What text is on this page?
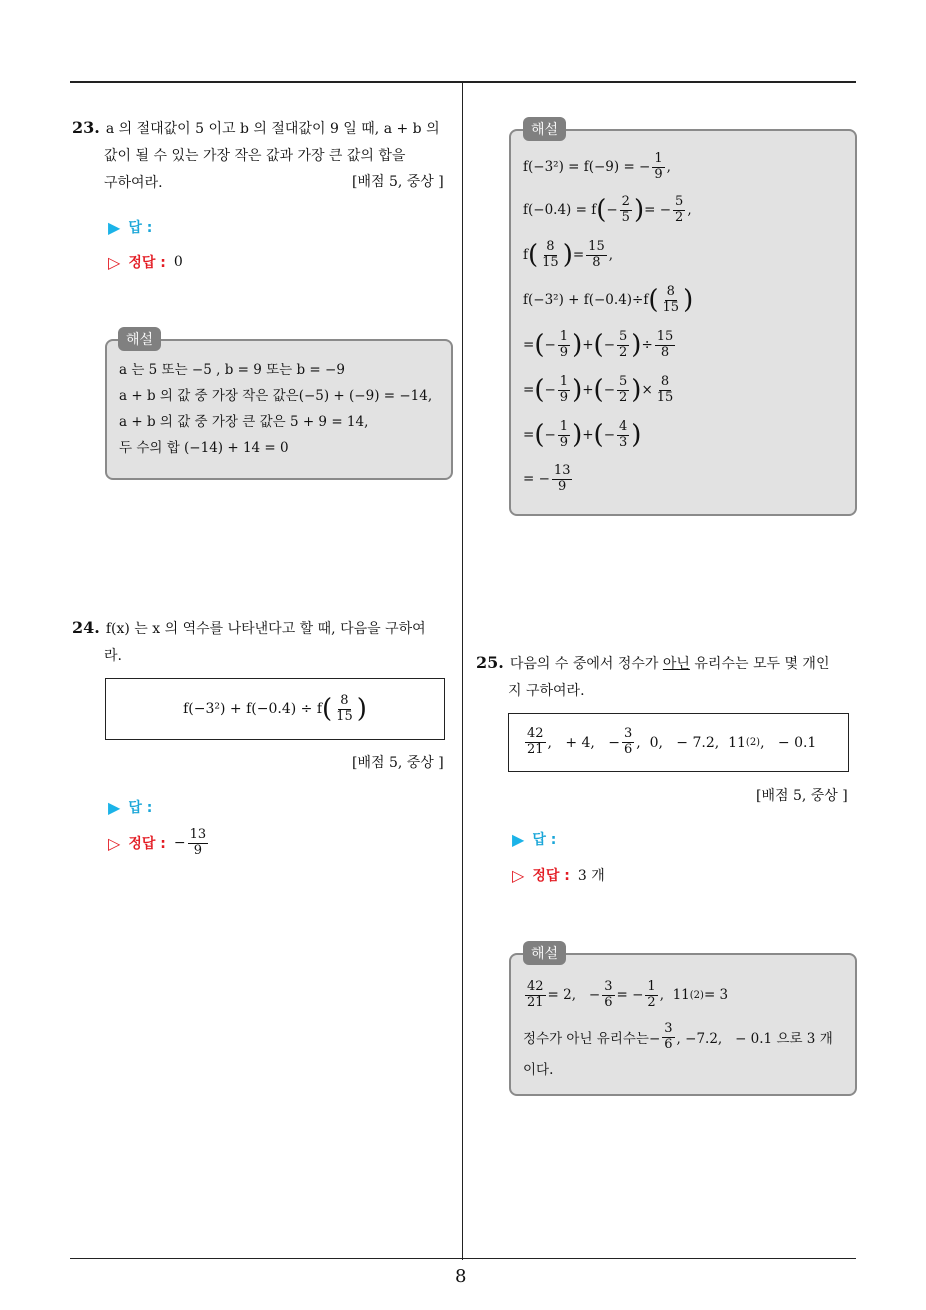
8
23. a 의 절대값이 5 이고 b 의 절대값이 9 일 때, a + b 의
값이 될 수 있는 가장 작은 값과 가장 큰 값의 합을
구하여라.	[배점 5, 중상 ]
▶ 답 :
▷ 정답 : 0
a 는 5 또는 −5 , b = 9 또는 b = −9
a + b 의 값 중 가장 작은 값은(−5) + (−9) = −14,
a + b 의 값 중 가장 큰 값은 5 + 9 = 14,
두 수의 합 (−14) + 14 = 0
해설
24. f(x) 는 x 의 역수를 나타낸다고 할 때, 다음을 구하여
라.
f(−3²) + f(−0.4) ÷ f ( $\frac{8}{15}$ )
[배점 5, 중상 ]
▶ 답 :
▷ 정답 : − $\frac{13}{9}$
f(−3²) = f(−9) = − $\frac{1}{9}$ ,
f(−0.4) = f ( − $\frac{2}{5}$ ) = − $\frac{5}{2}$ ,
f ( $\frac{8}{15}$ ) = $\frac{15}{8}$ ,
f(−3²) + f(−0.4)÷f ( $\frac{8}{15}$ )
= ( − $\frac{1}{9}$ ) + ( − $\frac{5}{2}$ ) ÷ $\frac{15}{8}$
= ( − $\frac{1}{9}$ ) + ( − $\frac{5}{2}$ ) × $\frac{8}{15}$
= ( − $\frac{1}{9}$ ) + ( − $\frac{4}{3}$ )
= − $\frac{13}{9}$
해설
25. 다음의 수 중에서 정수가 아닌 유리수는 모두 몇 개인
지 구하여라.
$\frac{42}{21}$ ,   + 4,   − $\frac{3}{6}$ ,  0,   − 7.2,  11 (2) ,   − 0.1
[배점 5, 중상 ]
▶ 답 :
▷ 정답 : 3 개
$\frac{42}{21} = 2$,   − $\frac{3}{6}$ = − $\frac{1}{2}$ ,  11 (2) = 3
정수가 아닌 유리수는− $\frac{3}{6}$ , −7.2,   − 0.1 으로 3 개
이다.
해설
